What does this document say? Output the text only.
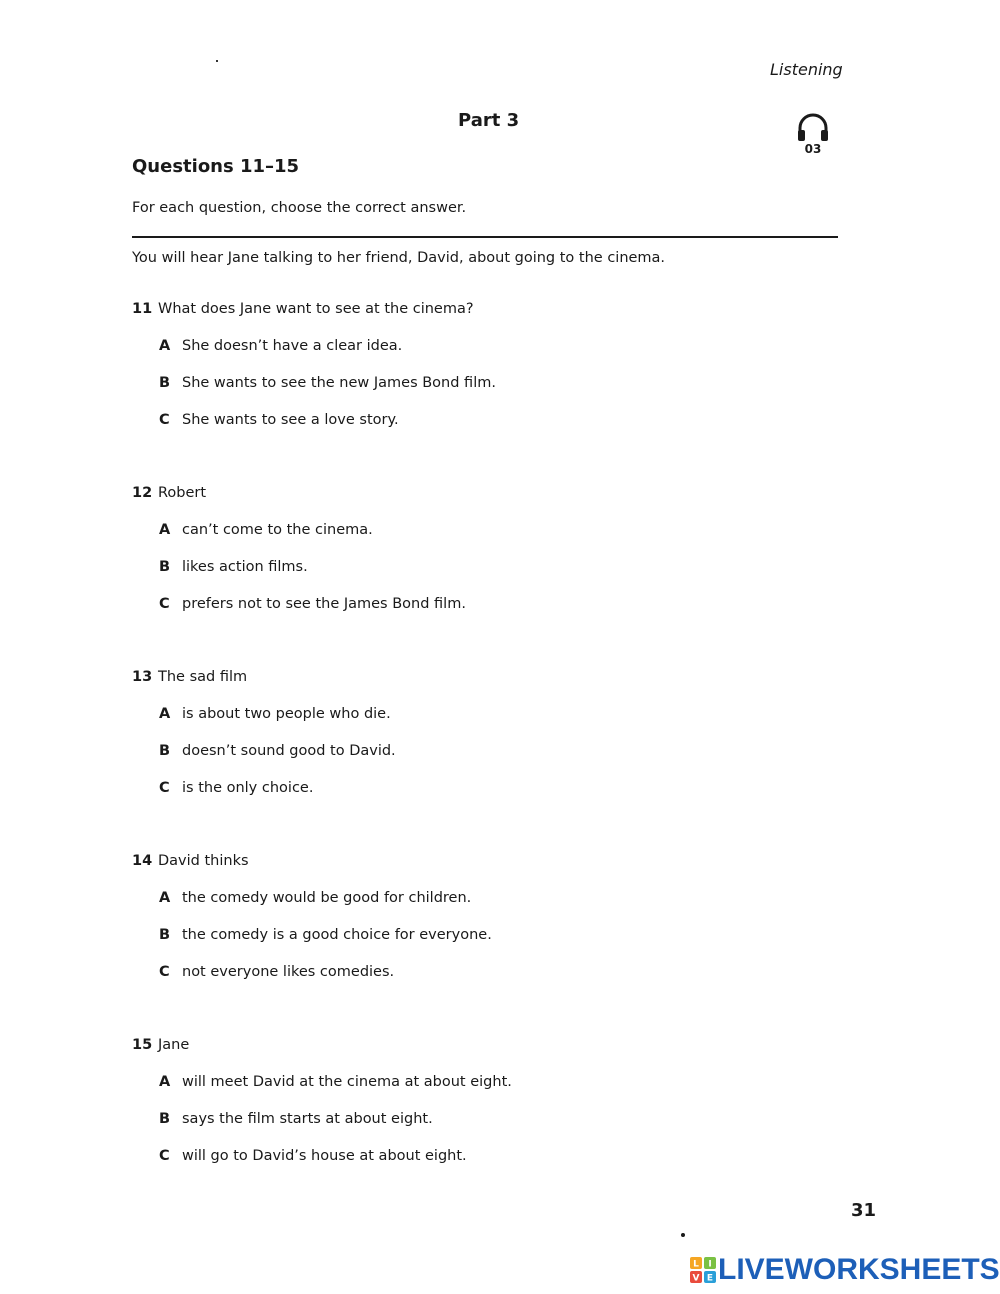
Listening
Part 3
03
Questions 11–15
For each question, choose the correct answer.
You will hear Jane talking to her friend, David, about going to the cinema.
11 What does Jane want to see at the cinema?
A She doesn’t have a clear idea.
B She wants to see the new James Bond film.
C She wants to see a love story.
12 Robert
A can’t come to the cinema.
B likes action films.
C prefers not to see the James Bond film.
13 The sad film
A is about two people who die.
B doesn’t sound good to David.
C is the only choice.
14 David thinks
A the comedy would be good for children.
B the comedy is a good choice for everyone.
C not everyone likes comedies.
15 Jane
A will meet David at the cinema at about eight.
B says the film starts at about eight.
C will go to David’s house at about eight.
31
L I
V E LIVEWORKSHEETS
